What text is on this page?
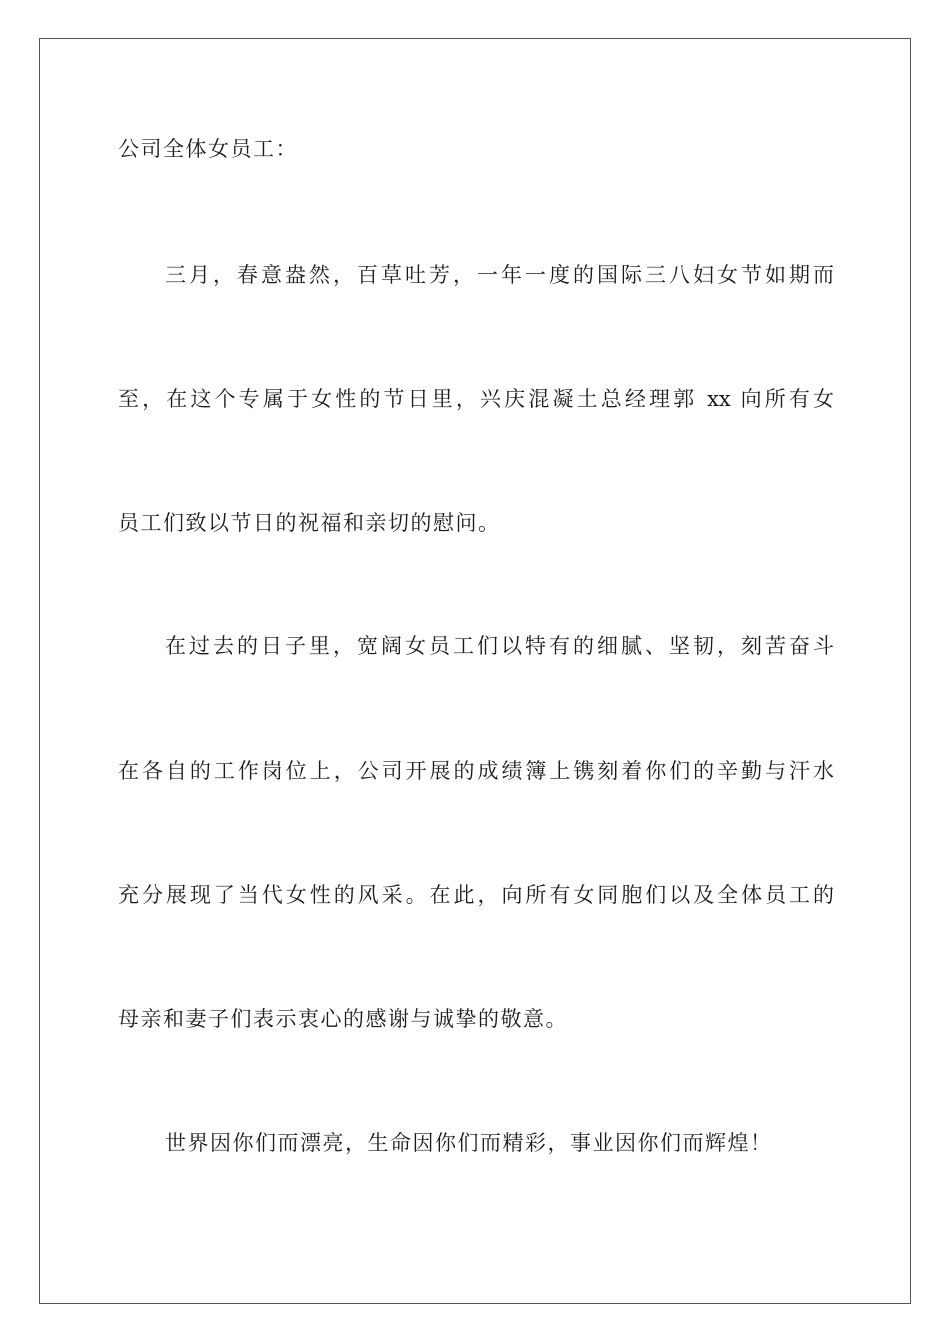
公司全体女员工：
三月，春意盎然，百草吐芳，一年一度的国际三八妇女节如期而
至，在这个专属于女性的节日里，兴庆混凝土总经理郭 xx 向所有女
员工们致以节日的祝福和亲切的慰问。
在过去的日子里，宽阔女员工们以特有的细腻、坚韧，刻苦奋斗
在各自的工作岗位上，公司开展的成绩簿上镌刻着你们的辛勤与汗水
充分展现了当代女性的风采。在此，向所有女同胞们以及全体员工的
母亲和妻子们表示衷心的感谢与诚挚的敬意。
世界因你们而漂亮，生命因你们而精彩，事业因你们而辉煌！
